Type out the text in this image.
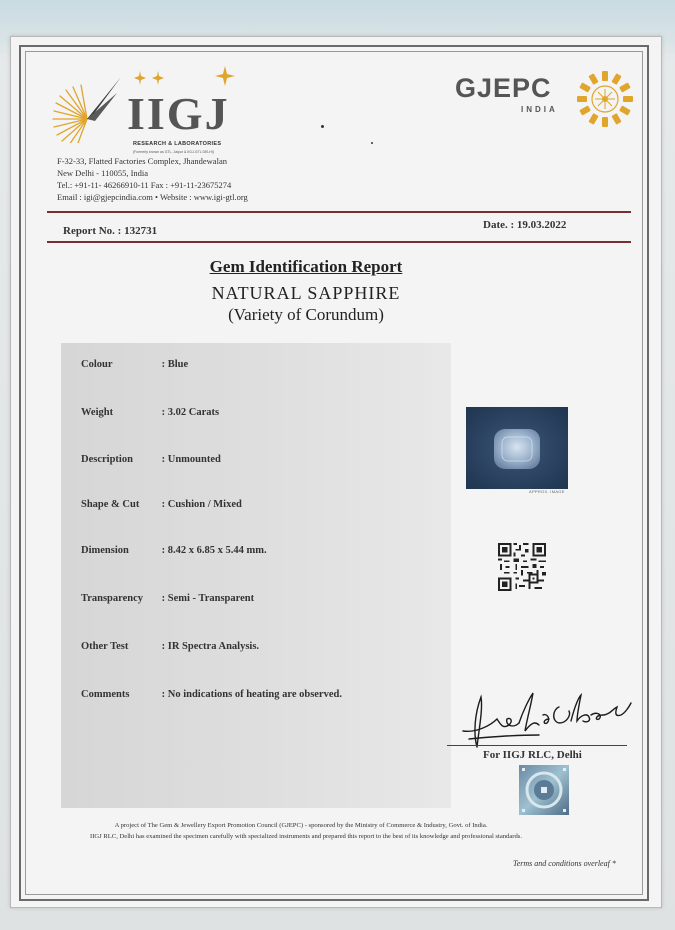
IIGJ
RESEARCH & LABORATORIES
(Formerly known as GTL, Jaipur & IIGJ-GTL DELHI)
GJEPC
INDIA
F-32-33, Flatted Factories Complex, Jhandewalan
New Delhi - 110055, India
Tel.: +91-11- 46266910-11 Fax : +91-11-23675274
Email : igi@gjepcindia.com • Website : www.igi-gtl.org
Report No. : 132731	Date. : 19.03.2022
Gem Identification Report
NATURAL SAPPHIRE
(Variety of Corundum)
Colour	: Blue
Weight	: 3.02 Carats
Description	: Unmounted
Shape & Cut : Cushion / Mixed
Dimension	: 8.42 x 6.85 x 5.44 mm.
Transparency : Semi - Transparent
Other Test	: IR Spectra Analysis.
Comments	: No indications of heating are observed.
APPROX. IMAGE
For IIGJ RLC, Delhi
A project of The Gem & Jewellery Export Promotion Council (GJEPC) - sponsored by the Ministry of Commerce & Industry, Govt. of India.
IIGJ RLC, Delhi has examined the specimen carefully with specialized instruments and prepared this report to the best of its knowledge and professional standards.
Terms and conditions overleaf *
